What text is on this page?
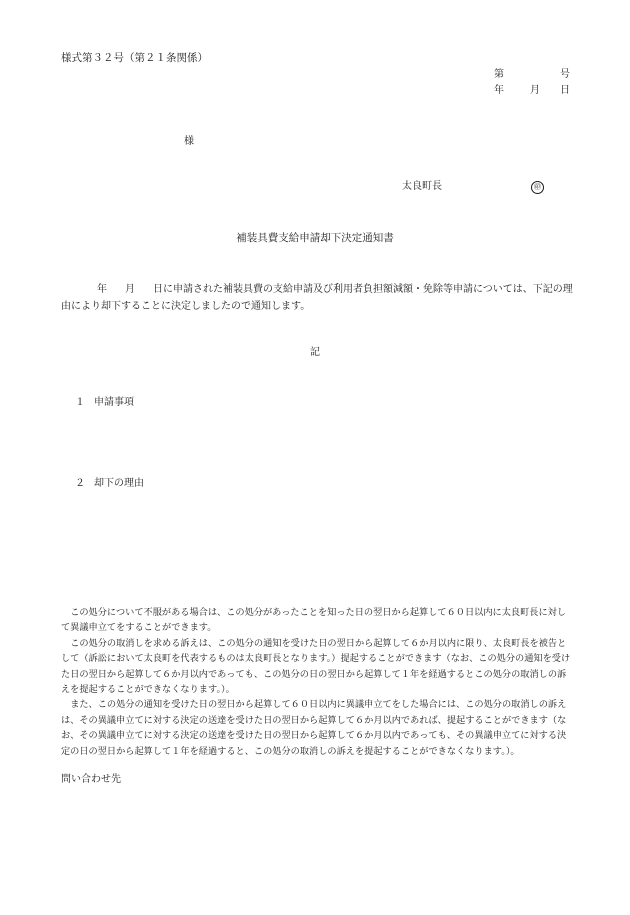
様式第３２号（第２１条関係）
第	号
年	月 日
様
太良町長	㊞
補装具費支給申請却下決定通知書
年 月 日に申請された補装具費の支給申請及び利用者負担額減額・免除等申請については、下記の理由により却下することに決定しましたので通知します。
記
１ 申請事項
２ 却下の理由

この処分について不服がある場合は、この処分があったことを知った日の翌日から起算して６０日以内に太良町長に対して異議申立てをすることができます。

この処分の取消しを求める訴えは、この処分の通知を受けた日の翌日から起算して６か月以内に限り、太良町長を被告として（訴訟において太良町を代表するものは太良町長となります。）提起することができます（なお、この処分の通知を受けた日の翌日から起算して６か月以内であっても、この処分の日の翌日から起算して１年を経過するとこの処分の取消しの訴えを提起することができなくなります。）。

また、この処分の通知を受けた日の翌日から起算して６０日以内に異議申立てをした場合には、この処分の取消しの訴えは、その異議申立てに対する決定の送達を受けた日の翌日から起算して６か月以内であれば、提起することができます（なお、その異議申立てに対する決定の送達を受けた日の翌日から起算して６か月以内であっても、その異議申立てに対する決定の日の翌日から起算して１年を経過すると、この処分の取消しの訴えを提起することができなくなります。）。

問い合わせ先
